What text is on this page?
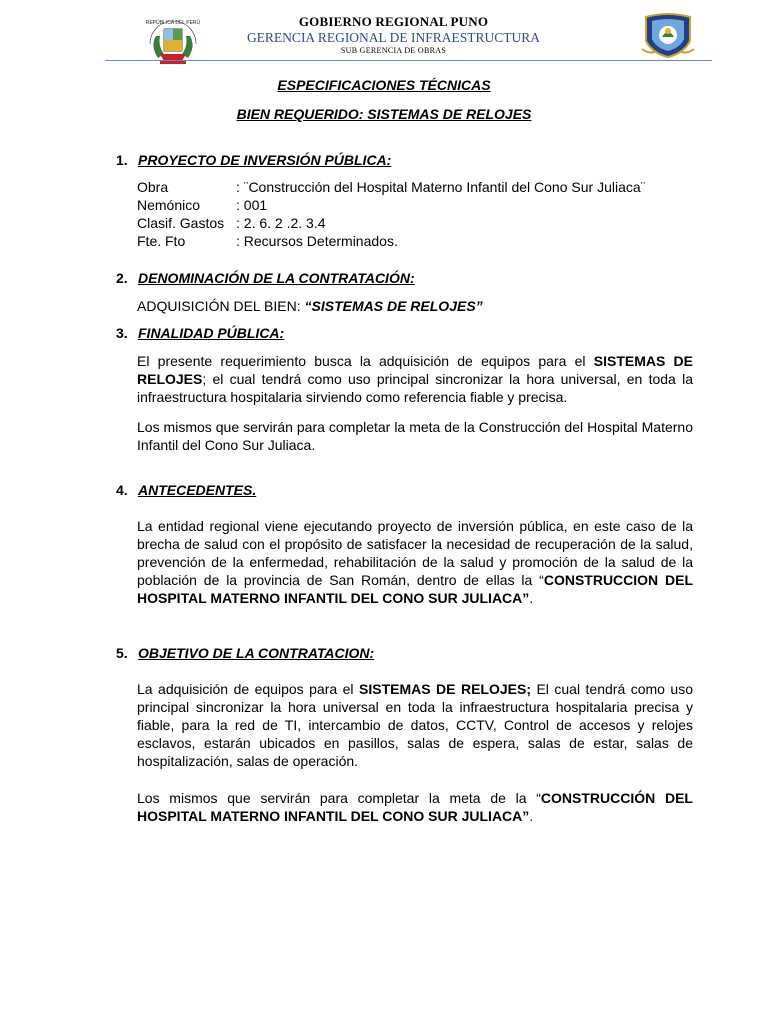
REPÚBLICA DEL PERÚ	GOBIERNO REGIONAL PUNO
GERENCIA REGIONAL DE INFRAESTRUCTURA
SUB GERENCIA DE OBRAS
ESPECIFICACIONES TÉCNICAS
BIEN REQUERIDO: SISTEMAS DE RELOJES
1. PROYECTO DE INVERSIÓN PÚBLICA:
Obra	: ¨Construcción del Hospital Materno Infantil del Cono Sur Juliaca¨
Nemónico	: 001
Clasif. Gastos : 2. 6. 2 .2. 3.4
Fte. Fto	: Recursos Determinados.
2. DENOMINACIÓN DE LA CONTRATACIÓN:
ADQUISICIÓN DEL BIEN: “SISTEMAS DE RELOJES”
3. FINALIDAD PÚBLICA:
El presente requerimiento busca la adquisición de equipos para el SISTEMAS DE RELOJES; el cual tendrá como uso principal sincronizar la hora universal, en toda la infraestructura hospitalaria sirviendo como referencia fiable y precisa.
Los mismos que servirán para completar la meta de la Construcción del Hospital Materno Infantil del Cono Sur Juliaca.
4. ANTECEDENTES.
La entidad regional viene ejecutando proyecto de inversión pública, en este caso de la brecha de salud con el propósito de satisfacer la necesidad de recuperación de la salud, prevención de la enfermedad, rehabilitación de la salud y promoción de la salud de la población de la provincia de San Román, dentro de ellas la “CONSTRUCCION DEL HOSPITAL MATERNO INFANTIL DEL CONO SUR JULIACA”.
5. OBJETIVO DE LA CONTRATACION:
La adquisición de equipos para el SISTEMAS DE RELOJES; El cual tendrá como uso principal sincronizar la hora universal en toda la infraestructura hospitalaria precisa y fiable, para la red de TI, intercambio de datos, CCTV, Control de accesos y relojes esclavos, estarán ubicados en pasillos, salas de espera, salas de estar, salas de hospitalización, salas de operación.
Los mismos que servirán para completar la meta de la “CONSTRUCCIÓN DEL HOSPITAL MATERNO INFANTIL DEL CONO SUR JULIACA”.
